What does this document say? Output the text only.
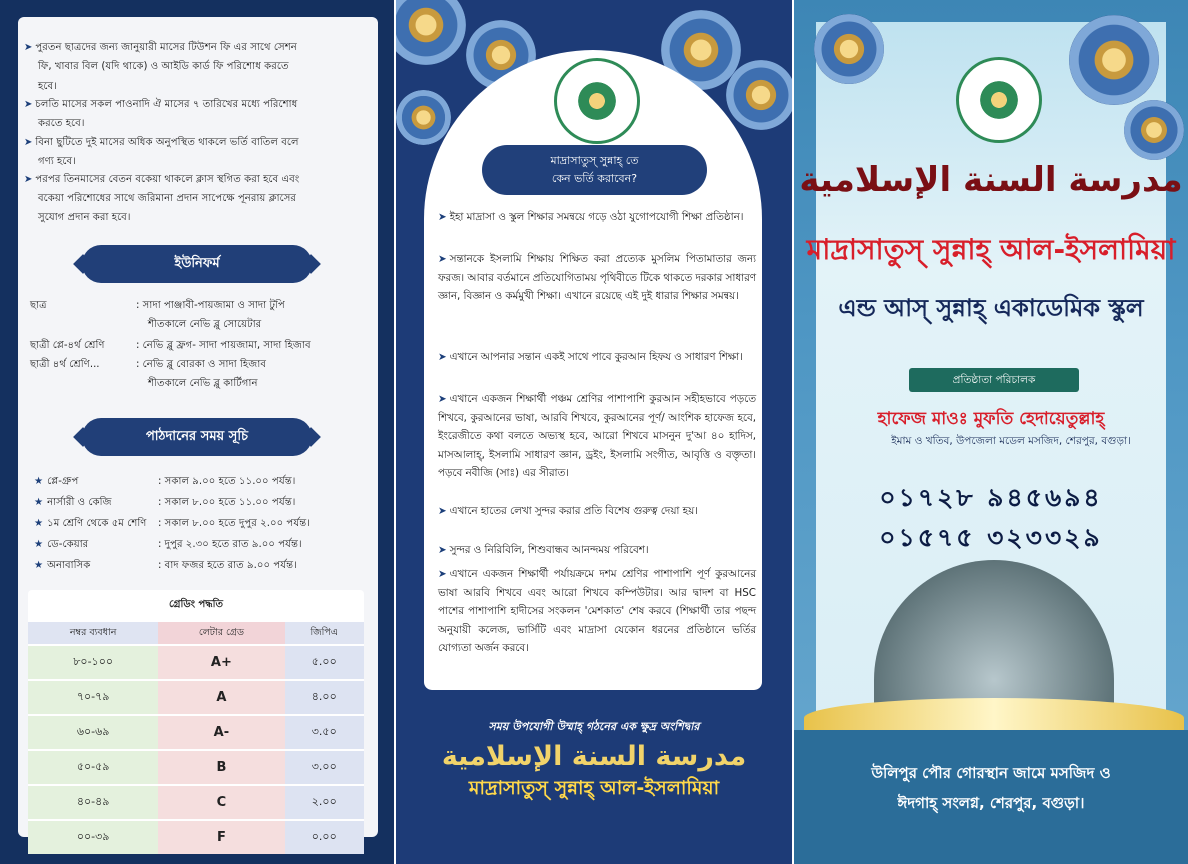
➤ পুরতন ছাত্রদের জন্য জানুয়ারী মাসের টিউশন ফি এর সাথে সেশন
ফি, খাবার বিল (যদি থাকে) ও আইডি কার্ড ফি পরিশোধ করতে
হবে।
➤ চলতি মাসের সকল পাওনাদি ঐ মাসের ৭ তারিখের মধ্যে পরিশোধ
করতে হবে।
➤ বিনা ছুটিতে দুই মাসের অধিক অনুপস্থিত থাকলে ভর্তি বাতিল বলে
গণ্য হবে।
➤ পরপর তিনমাসের বেতন বকেয়া থাকলে ক্লাস স্থগিত করা হবে এবং
বকেয়া পরিশোধের সাথে জরিমানা প্রদান সাপেক্ষে পূনরায় ক্লাসের
সুযোগ প্রদান করা হবে।
ইউনিফর্ম
ছাত্র	: সাদা পাঞ্জাবী-পায়জামা ও সাদা টুপি
শীতকালে নেভি ব্লু সোয়েটার
ছাত্রী প্লে-৪র্থ শ্রেণি	: নেভি ব্লু ফ্রগ- সাদা পায়জামা, সাদা হিজাব
ছাত্রী ৪র্থ শ্রেণি...	: নেভি ব্লু বোরকা ও সাদা হিজাব
শীতকালে নেভি ব্লু কার্টিগান
পাঠদানের সময় সূচি
★ প্লে-গ্রুপ	: সকাল ৯.০০ হতে ১১.০০ পর্যন্ত।
★ নার্সারী ও কেজি	: সকাল ৮.০০ হতে ১১.০০ পর্যন্ত।
★ ১ম শ্রেণি থেকে ৫ম শেণি : সকাল ৮.০০ হতে দুপুর ২.০০ পর্যন্ত।
★ ডে-কেয়ার	: দুপুর ২.৩০ হতে রাত ৯.০০ পর্যন্ত।
★ অনাবাসিক	: বাদ ফজর হতে রাত ৯.০০ পর্যন্ত।
গ্রেডিং পদ্ধতি
নম্বর ব্যবধান	লেটার গ্রেড	জিপিএ
৮০-১০০	A+	৫.০০
৭০-৭৯	A	৪.০০
৬০-৬৯	A-	৩.৫০
৫০-৫৯	B	৩.০০
৪০-৪৯	C	২.০০
০০-৩৯	F	০.০০
মাদ্রাসাতুস্ সুন্নাহ্ তে
কেন ভর্তি করাবেন?
➤ ইহা মাদ্রাসা ও স্কুল শিক্ষার সমন্বয়ে গড়ে ওঠা যুগোপযোগী শিক্ষা প্রতিষ্ঠান।
➤ সন্তানকে ইসলামি শিক্ষায় শিক্ষিত করা প্রত্যেক মুসলিম পিতামাতার জন্য ফরজ। আবার বর্তমানে প্রতিযোগিতাময় পৃথিবীতে টিকে থাকতে দরকার সাধারণ জ্ঞান, বিজ্ঞান ও কর্মমুখী শিক্ষা। এখানে রয়েছে এই দুই ধারার শিক্ষার সমন্বয়।
➤ এখানে আপনার সন্তান একই সাথে পাবে কুরআন হিফয ও সাধারণ শিক্ষা।
➤ এখানে একজন শিক্ষার্থী পঞ্চম শ্রেণির পাশাপাশি কুরআন সহীহভাবে পড়তে শিখবে, কুরআনের ভাষা, আরবি শিখবে, কুরআনের পূর্ণ/ আংশিক হাফেজ হবে, ইংরেজীতে কথা বলতে অভ্যস্থ হবে, আরো শিখবে মাসনুন দু'আ ৪০ হাদিস, মাসআলাহ্, ইসলামি সাধারণ জ্ঞান, ড্রইং, ইসলামি সংগীত, আবৃত্তি ও বক্তৃতা। পড়বে নবীজি (সাঃ) এর সীরাত।
➤ এখানে হাতের লেখা সুন্দর করার প্রতি বিশেষ গুরুত্ব দেয়া হয়।
➤ সুন্দর ও নিরিবিলি, শিশুবান্ধব আনন্দময় পরিবেশ।
➤ এখানে একজন শিক্ষার্থী পর্যায়ক্রমে দশম শ্রেণির পাশাপাশি পূর্ণ কুরআনের ভাষা আরবি শিখবে এবং আরো শিখবে কম্পিউটার। আর দ্বাদশ বা HSC পাশের পাশাপাশি হাদীসের সংকলন 'মেশকাত' শেষ করবে (শিক্ষার্থী তার পছন্দ অনুযায়ী কলেজ, ভার্সিটি এবং মাদ্রাসা যেকোন ধরনের প্রতিষ্ঠানে ভর্তির যোগ্যতা অর্জন করবে।
সময় উপযোগী উম্মাহ্ গঠনের এক ক্ষুদ্র অংশিদ্বার
مدرسة السنة الإسلامية
মাদ্রাসাতুস্ সুন্নাহ্ আল-ইসলামিয়া
مدرسة السنة الإسلامية
মাদ্রাসাতুস্ সুন্নাহ্ আল-ইসলামিয়া
এন্ড আস্ সুন্নাহ্ একাডেমিক স্কুল
প্রতিষ্ঠাতা পরিচালক
হাফেজ মাওঃ মুফতি হেদায়েতুল্লাহ্
ইমাম ও খতিব, উপজেলা মডেল মসজিদ, শেরপুর, বগুড়া।
০১৭২৮ ৯৪৫৬৯৪
০১৫৭৫ ৩২৩৩২৯
উলিপুর পৌর গোরস্থান জামে মসজিদ ও
ঈদগাহ্ সংলগ্ন, শেরপুর, বগুড়া।
